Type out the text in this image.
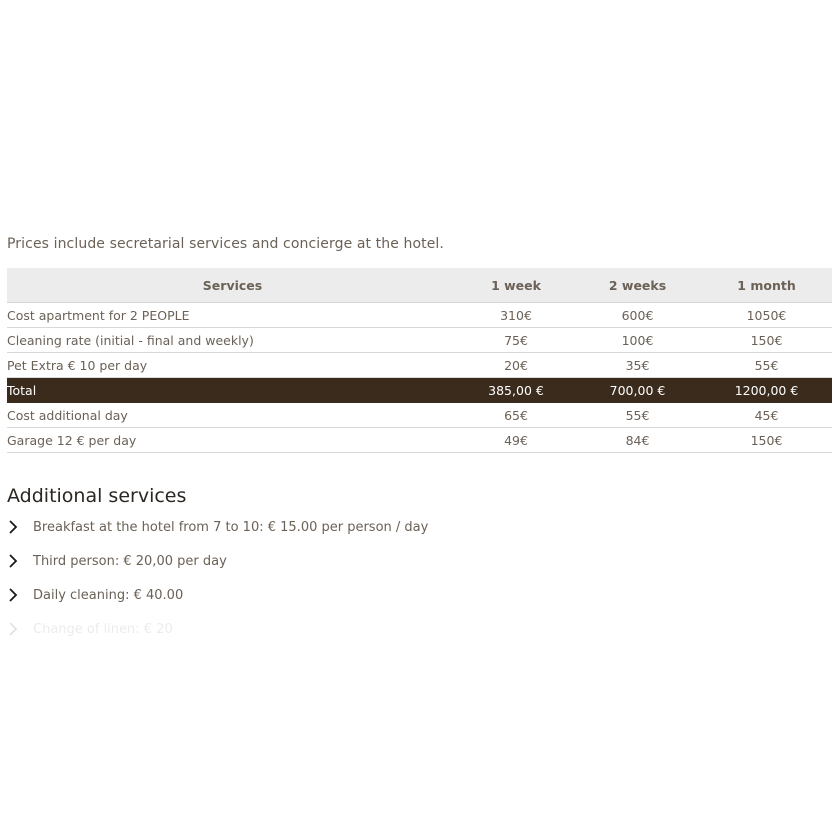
Prices include secretarial services and concierge at the hotel.

Services	1 week	2 weeks	1 month
Cost apartment for 2 PEOPLE	310€	600€	1050€
Cleaning rate (initial - final and weekly)	75€	100€	150€
Pet Extra € 10 per day	20€	35€	55€
Total	385,00 €	700,00 €	1200,00 €
Cost additional day	65€	55€	45€
Garage 12 € per day	49€	84€	150€
Additional services
Breakfast at the hotel from 7 to 10: € 15.00 per person / day
Third person: € 20,00 per day
Daily cleaning: € 40.00
Change of linen: € 20
